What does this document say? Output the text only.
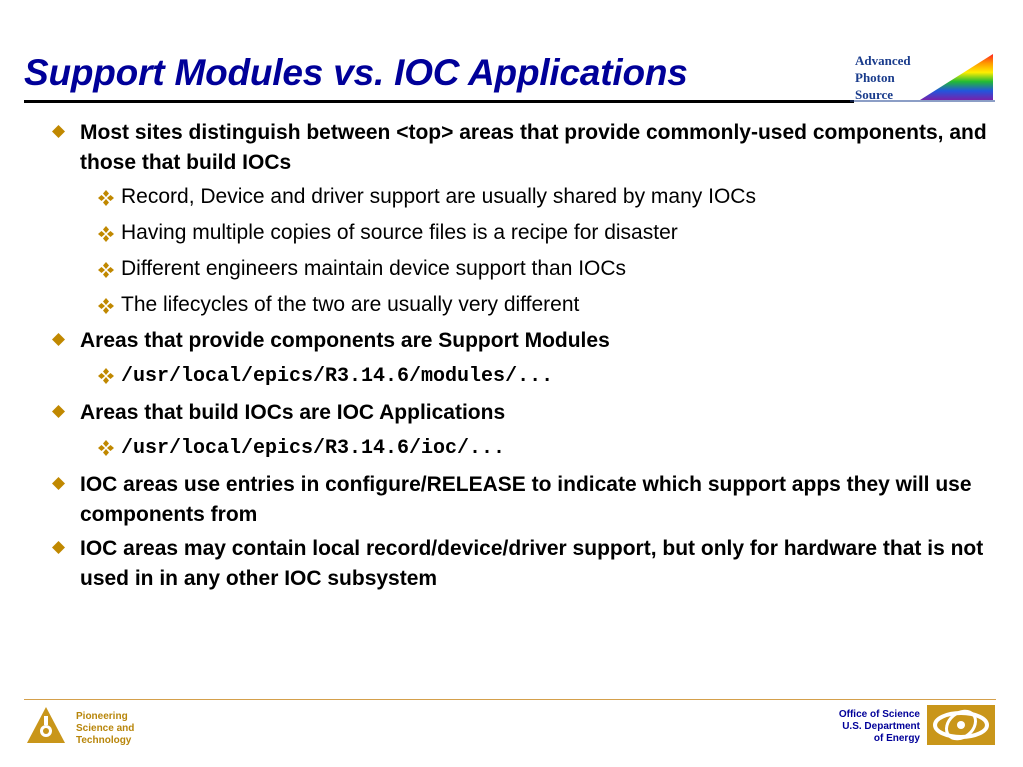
Support Modules vs. IOC Applications	Advanced
Photon
Source
Most sites distinguish between <top> areas that provide commonly-used components, and those that build IOCs
Record, Device and driver support are usually shared by many IOCs
Having multiple copies of source files is a recipe for disaster
Different engineers maintain device support than IOCs
The lifecycles of the two are usually very different
Areas that provide components are Support Modules
/usr/local/epics/R3.14.6/modules/...
Areas that build IOCs are IOC Applications
/usr/local/epics/R3.14.6/ioc/...
IOC areas use entries in configure/RELEASE to indicate which support apps they will use components from
IOC areas may contain local record/device/driver support, but only for hardware that is not used in in any other IOC subsystem
Pioneering
Science and
Technology
Office of Science
U.S. Department
of Energy
